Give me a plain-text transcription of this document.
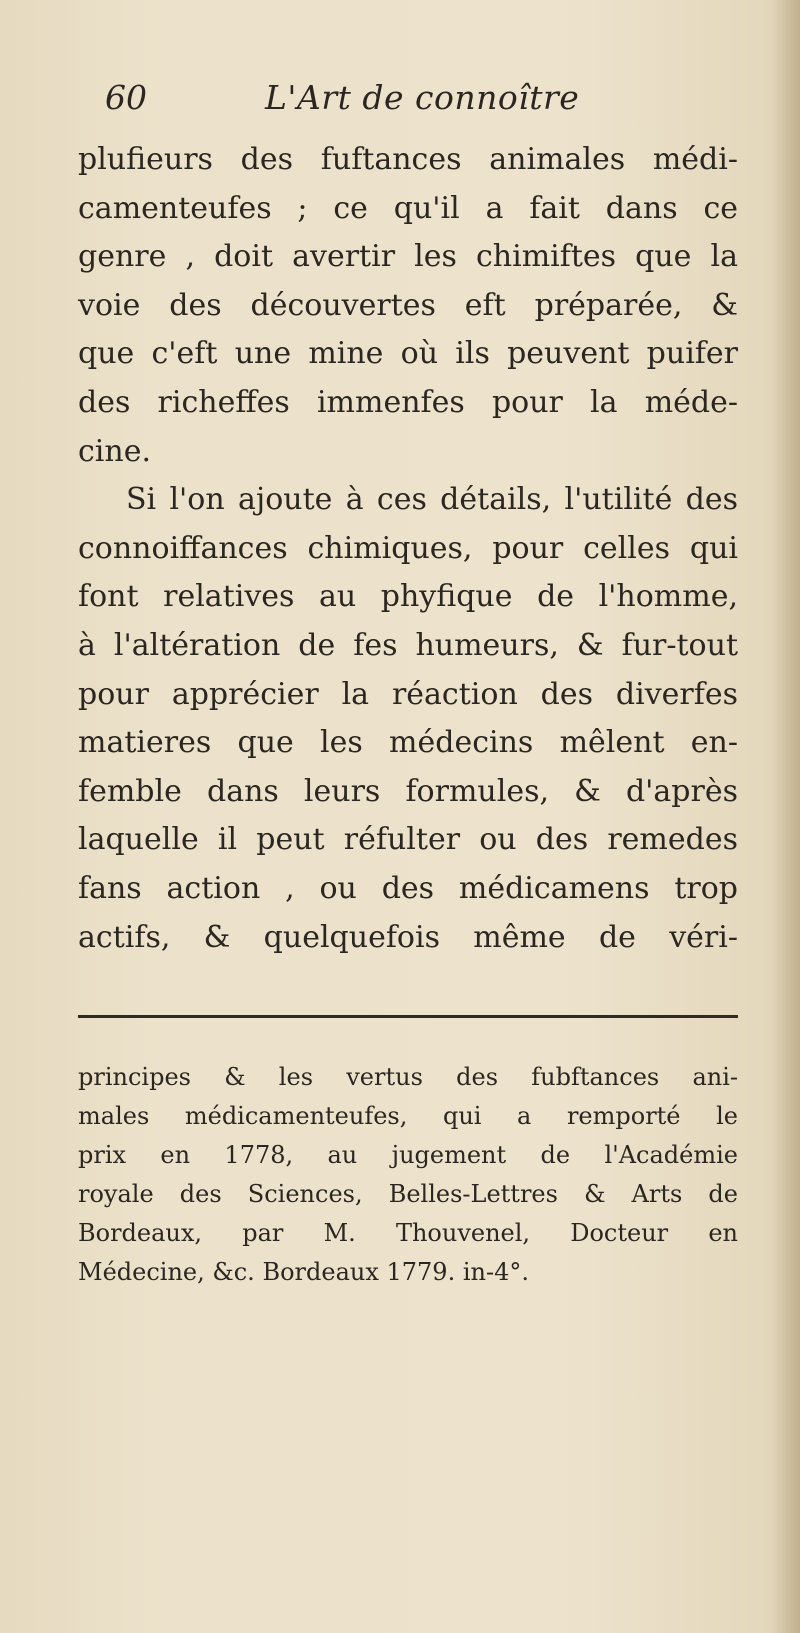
60	L'Art de connoître
plufieurs des fuftances animales médi-
camenteufes ; ce qu'il a fait dans ce
genre , doit avertir les chimiftes que la
voie des découvertes eft préparée, &
que c'eft une mine où ils peuvent puifer
des richeffes immenfes pour la méde-
cine.
Si l'on ajoute à ces détails, l'utilité des
connoiffances chimiques, pour celles qui
font relatives au phyfique de l'homme,
à l'altération de fes humeurs, & fur-tout
pour apprécier la réaction des diverfes
matieres que les médecins mêlent en-
femble dans leurs formules, & d'après
laquelle il peut réfulter ou des remedes
fans action , ou des médicamens trop
actifs, & quelquefois même de véri-
principes & les vertus des fubftances ani-
males médicamenteufes, qui a remporté le
prix en 1778, au jugement de l'Académie
royale des Sciences, Belles-Lettres & Arts de
Bordeaux, par M. Thouvenel, Docteur en
Médecine, &c. Bordeaux 1779. in-4°.
